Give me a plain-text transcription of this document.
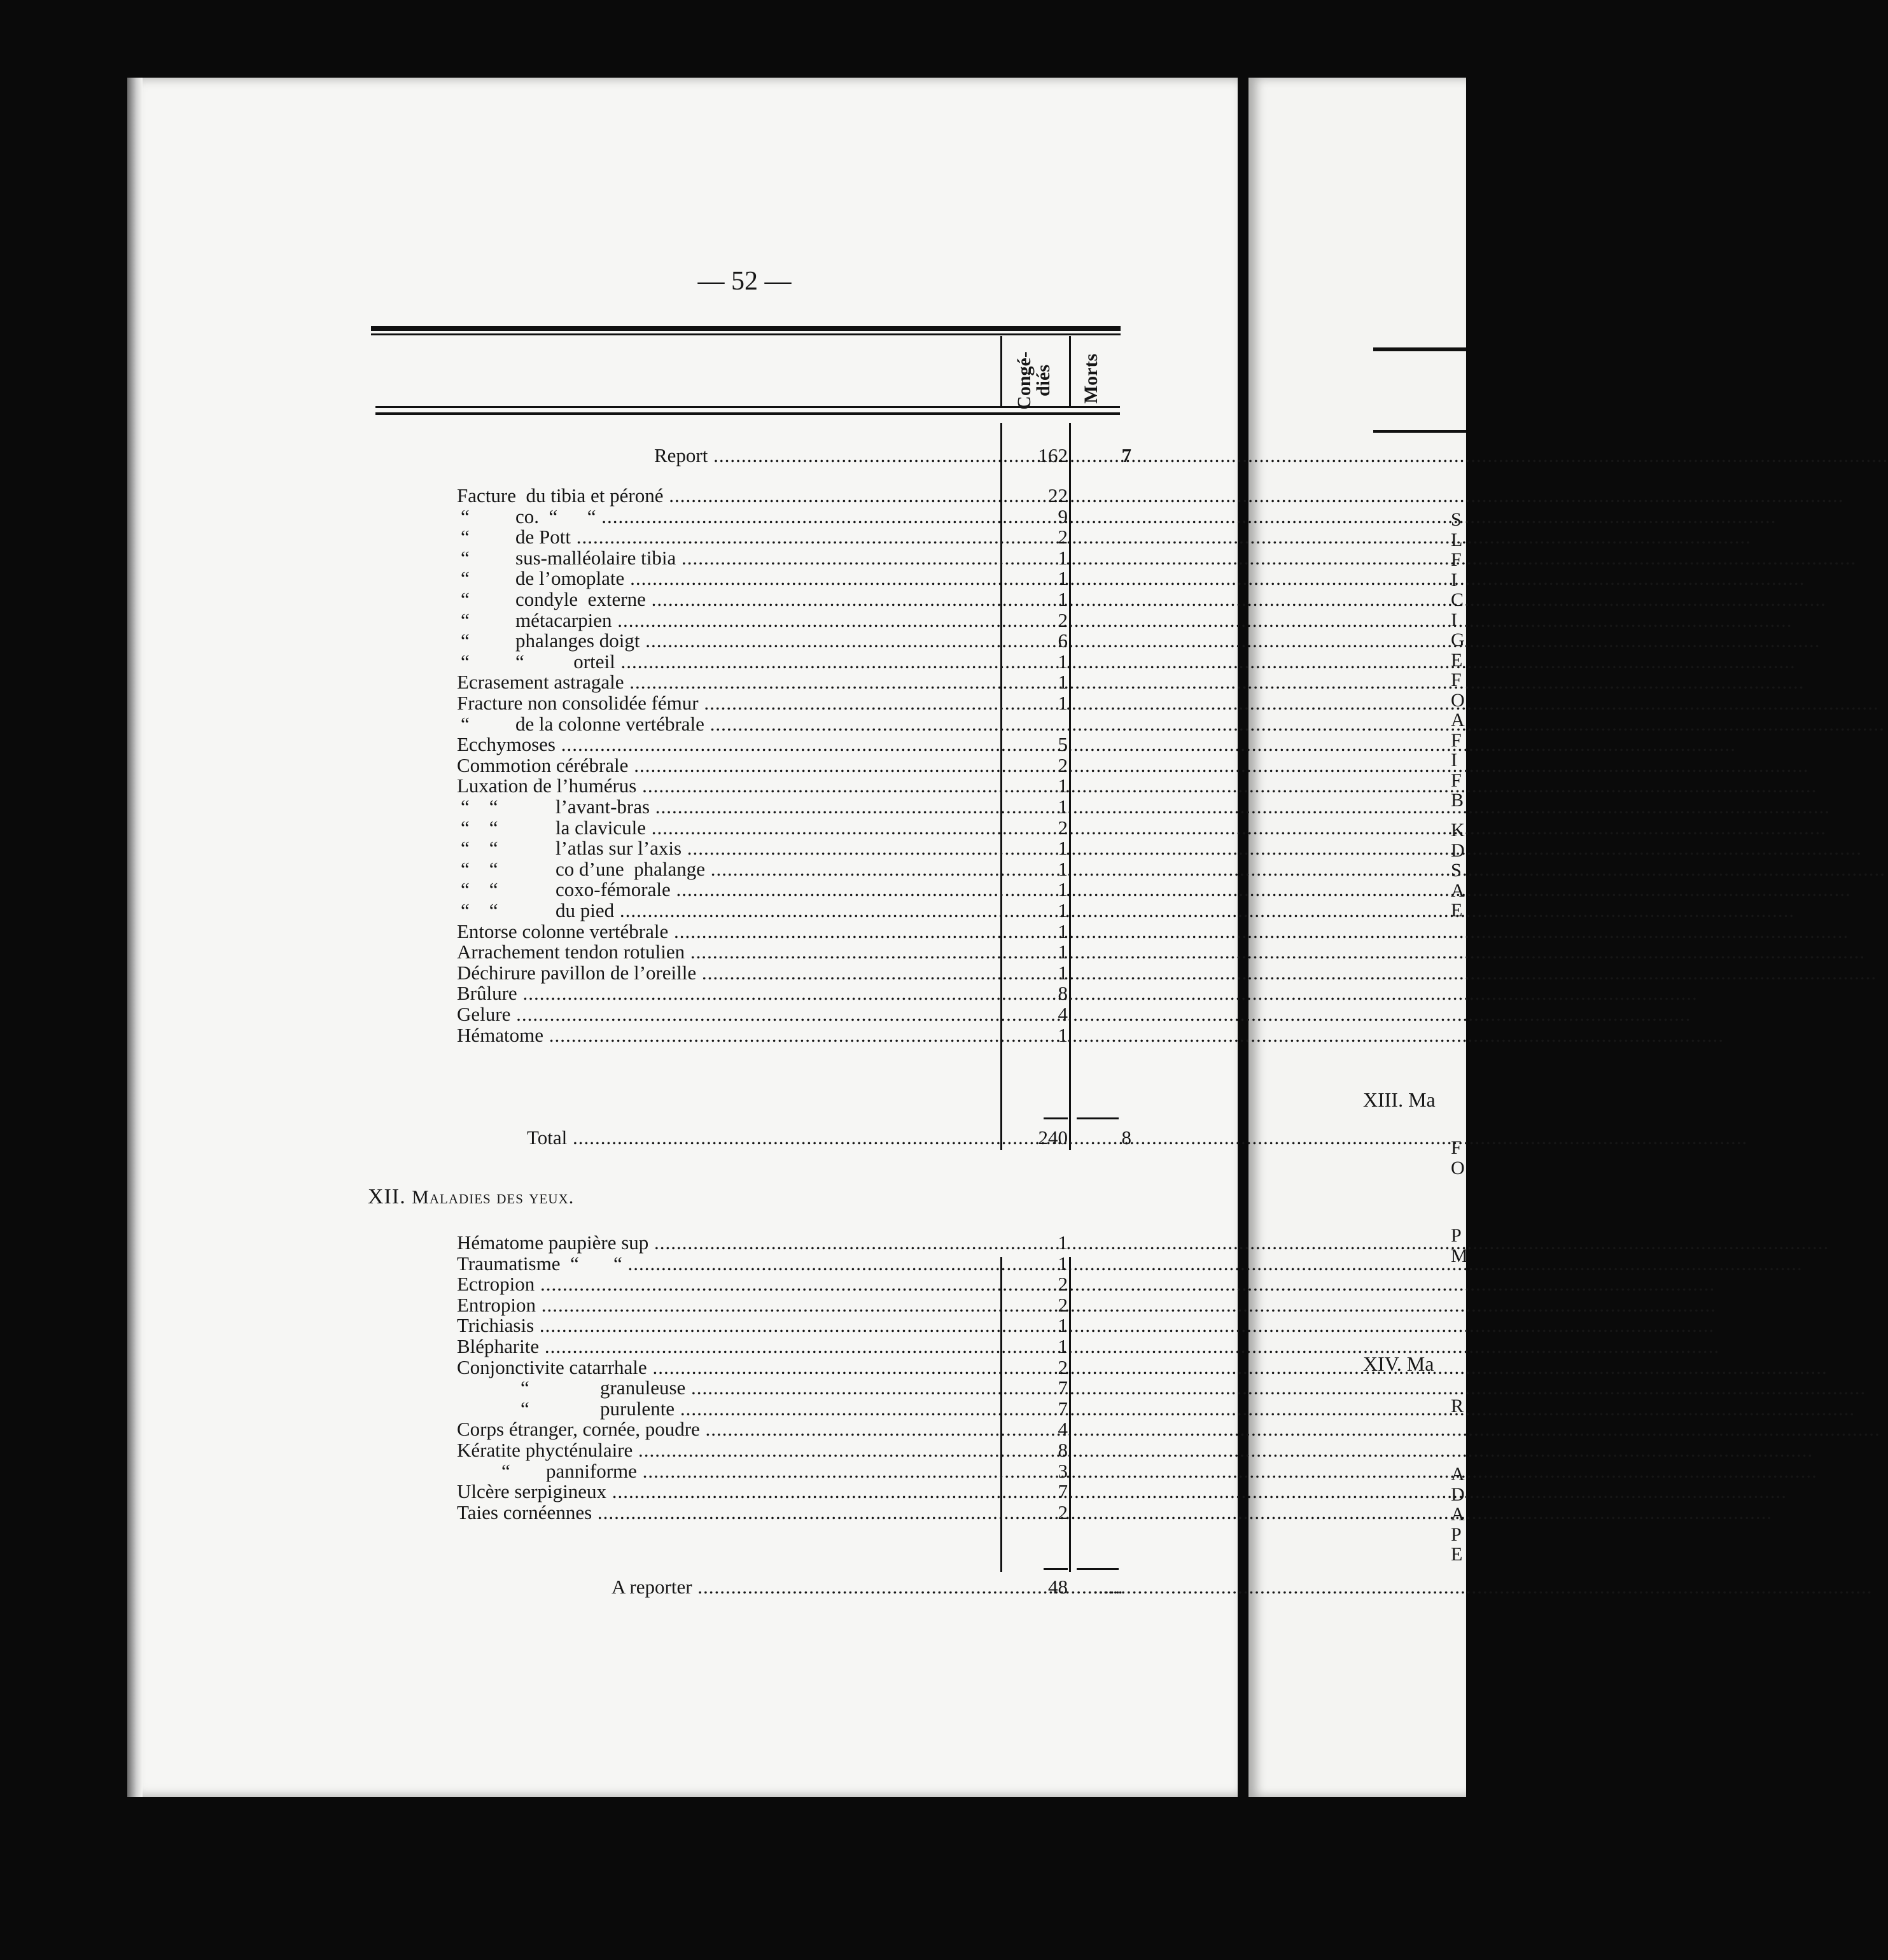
— 52 —
Congé-
diés Morts
Report .....	162	7
Facture  du tibia et péroné .....	22
“	co.  “      “ .....	9
“	de Pott .....	2
“	sus-malléolaire tibia .....	1
“	de l’omoplate .....	1
“	condyle  externe .....	1
“	métacarpien .....	2
“	phalanges doigt .....	6
“	“          orteil .....	1
Ecrasement astragale .....	1
Fracture non consolidée fémur .....	1
“	de la colonne vertébrale .....
Ecchymoses .....	5
Commotion cérébrale .....	2
Luxation de l’humérus .....	1
“    “	l’avant-bras .....	1
“    “	la clavicule .....	2
“    “	l’atlas sur l’axis .....	1
“    “	co d’une  phalange .....	1
“    “	coxo-fémorale .....	1
“    “	du pied .....	1
Entorse colonne vertébrale .....	1
Arrachement tendon rotulien .....	1
Déchirure pavillon de l’oreille .....	1
Brûlure .....	8
Gelure .....	4
Hématome .....	1
Total .....	240	8
XII. Maladies des yeux.
Hématome paupière sup .....	1
Traumatisme  “       “ .....	1
Ectropion .....	2
Entropion .....	2
Trichiasis .....	1
Blépharite .....	1
Conjonctivite catarrhale .....	2
“	granuleuse .....	7
“	purulente .....	7
Corps étranger, cornée, poudre .....	4
Kératite phycténulaire .....	8
“	panniforme .....	3
Ulcère serpigineux .....	7
Taies cornéennes .....	2
A reporter .....	48 ......
S
L
F
I
C
I
G
E
F
O
A
F
I
F
B
K
D
S
A
E
XIII. Ma
F
O
P
M
XIV. Ma
R
A
D
A
P
E
